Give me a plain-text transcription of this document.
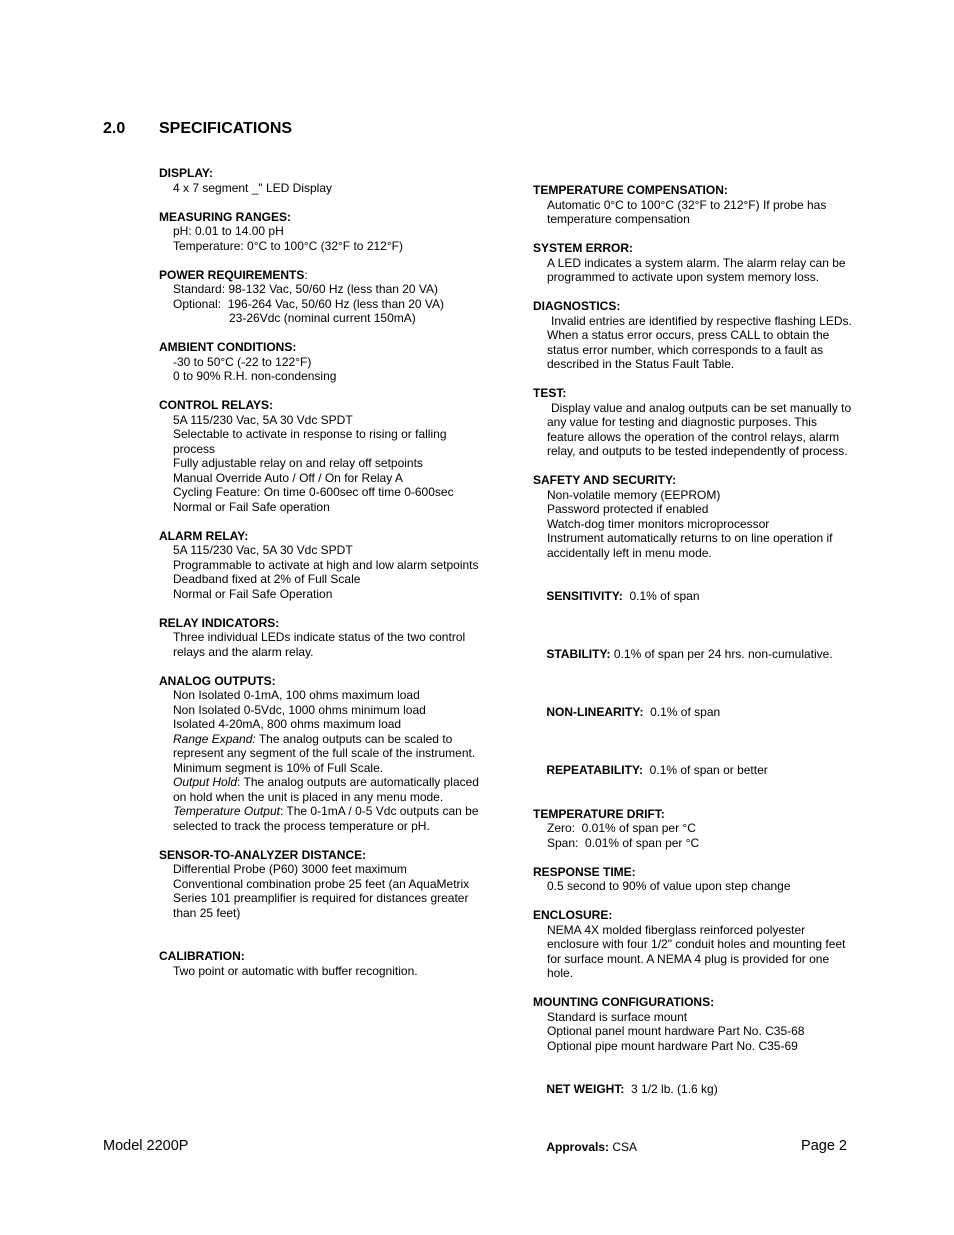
2.0 SPECIFICATIONS
DISPLAY:
4 x 7 segment _" LED Display
MEASURING RANGES:
pH: 0.01 to 14.00 pH
Temperature: 0°C to 100°C (32°F to 212°F)
POWER REQUIREMENTS:
Standard: 98-132 Vac, 50/60 Hz (less than 20 VA)
Optional:  196-264 Vac, 50/60 Hz (less than 20 VA)
23-26Vdc (nominal current 150mA)
AMBIENT CONDITIONS:
-30 to 50°C (-22 to 122°F)
0 to 90% R.H. non-condensing
CONTROL RELAYS:
5A 115/230 Vac, 5A 30 Vdc SPDT
Selectable to activate in response to rising or falling process
Fully adjustable relay on and relay off setpoints
Manual Override Auto / Off / On for Relay A
Cycling Feature: On time 0-600sec off time 0-600sec
Normal or Fail Safe operation
ALARM RELAY:
5A 115/230 Vac, 5A 30 Vdc SPDT
Programmable to activate at high and low alarm setpoints
Deadband fixed at 2% of Full Scale
Normal or Fail Safe Operation
RELAY INDICATORS:
Three individual LEDs indicate status of the two control relays and the alarm relay.
ANALOG OUTPUTS:
Non Isolated 0-1mA, 100 ohms maximum load
Non Isolated 0-5Vdc, 1000 ohms minimum load
Isolated 4-20mA, 800 ohms maximum load
Range Expand: The analog outputs can be scaled to represent any segment of the full scale of the instrument. Minimum segment is 10% of Full Scale.
Output Hold: The analog outputs are automatically placed on hold when the unit is placed in any menu mode.
Temperature Output: The 0-1mA / 0-5 Vdc outputs can be selected to track the process temperature or pH.
SENSOR-TO-ANALYZER DISTANCE:
Differential Probe (P60) 3000 feet maximum
Conventional combination probe 25 feet (an AquaMetrix Series 101 preamplifier is required for distances greater than 25 feet)
CALIBRATION:
Two point or automatic with buffer recognition.
TEMPERATURE COMPENSATION:
Automatic 0°C to 100°C (32°F to 212°F) If probe has temperature compensation
SYSTEM ERROR:
A LED indicates a system alarm. The alarm relay can be programmed to activate upon system memory loss.
DIAGNOSTICS:
Invalid entries are identified by respective flashing LEDs. When a status error occurs, press CALL to obtain the status error number, which corresponds to a fault as described in the Status Fault Table.
TEST:
Display value and analog outputs can be set manually to any value for testing and diagnostic purposes. This feature allows the operation of the control relays, alarm relay, and outputs to be tested independently of process.
SAFETY AND SECURITY:
Non-volatile memory (EEPROM)
Password protected if enabled
Watch-dog timer monitors microprocessor
Instrument automatically returns to on line operation if accidentally left in menu mode.

SENSITIVITY:  0.1% of span

STABILITY: 0.1% of span per 24 hrs. non-cumulative.

NON-LINEARITY:  0.1% of span

REPEATABILITY:  0.1% of span or better

TEMPERATURE DRIFT:
Zero:  0.01% of span per °C
Span:  0.01% of span per °C
RESPONSE TIME:
0.5 second to 90% of value upon step change
ENCLOSURE:
NEMA 4X molded fiberglass reinforced polyester enclosure with four 1/2" conduit holes and mounting feet for surface mount. A NEMA 4 plug is provided for one hole.
MOUNTING CONFIGURATIONS:
Standard is surface mount
Optional panel mount hardware Part No. C35-68
Optional pipe mount hardware Part No. C35-69

NET WEIGHT:  3 1/2 lb. (1.6 kg)

Approvals: CSA

Model 2200P	Page 2
